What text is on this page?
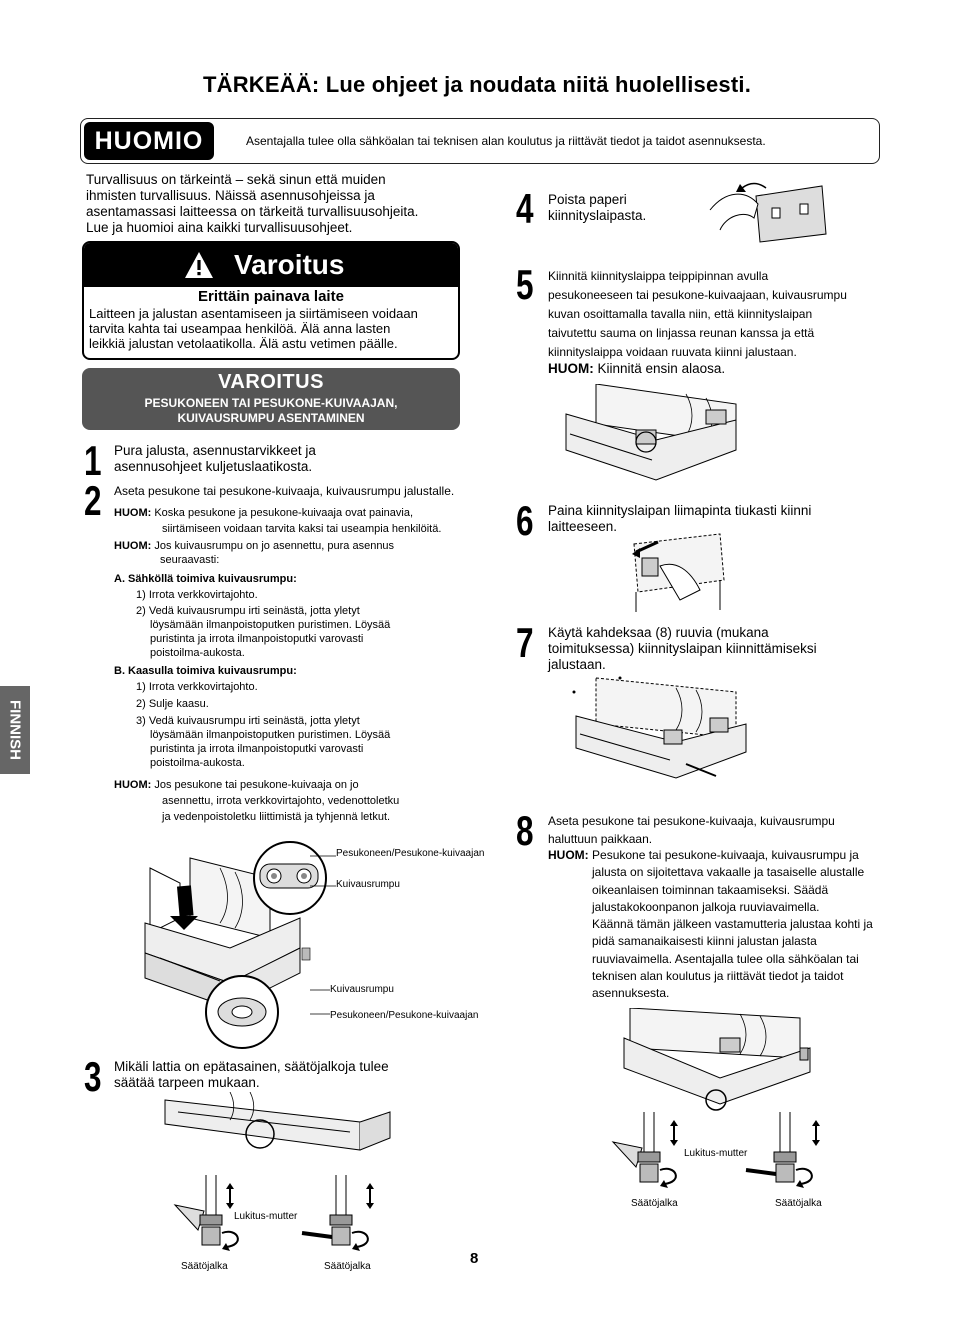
TÄRKEÄÄ: Lue ohjeet ja noudata niitä huolellisesti.
HUOMIO	Asentajalla tulee olla sähköalan tai teknisen alan koulutus ja riittävät tiedot ja taidot asennuksesta.
Turvallisuus on tärkeintä – sekä sinun että muiden
ihmisten turvallisuus. Näissä asennusohjeissa ja
asentamassasi laitteessa on tärkeitä turvallisuusohjeita.
Lue ja huomioi aina kaikki turvallisuusohjeet.
Varoitus
Erittäin painava laite
Laitteen ja jalustan asentamiseen ja siirtämiseen voidaan
tarvita kahta tai useampaa henkilöä. Älä anna lasten
leikkiä jalustan vetolaatikolla. Älä astu vetimen päälle.
VAROITUS
PESUKONEEN TAI PESUKONE-KUIVAAJAN,
KUIVAUSRUMPU ASENTAMINEN
FINNISH
1 Pura jalusta, asennustarvikkeet ja
asennusohjeet kuljetuslaatikosta.
2 Aseta pesukone tai pesukone-kuivaaja, kuivausrumpu jalustalle.
HUOM: Koska pesukone ja pesukone-kuivaaja ovat painavia,
siirtämiseen voidaan tarvita kaksi tai useampia henkilöitä.
HUOM: Jos kuivausrumpu on jo asennettu, pura asennus
seuraavasti:
A. Sähköllä toimiva kuivausrumpu:
1) Irrota verkkovirtajohto.
2) Vedä kuivausrumpu irti seinästä, jotta yletyt
löysämään ilmanpoistoputken puristimen. Löysää
puristinta ja irrota ilmanpoistoputki varovasti
poistoilma-aukosta.
B. Kaasulla toimiva kuivausrumpu:
1) Irrota verkkovirtajohto.
2) Sulje kaasu.
3) Vedä kuivausrumpu irti seinästä, jotta yletyt
löysämään ilmanpoistoputken puristimen. Löysää
puristinta ja irrota ilmanpoistoputki varovasti
poistoilma-aukosta.
HUOM: Jos pesukone tai pesukone-kuivaaja on jo
asennettu, irrota verkkovirtajohto, vedenottoletku
ja vedenpoistoletku liittimistä ja tyhjennä letkut.
Pesukoneen/Pesukone-kuivaajan
Kuivausrumpu
Kuivausrumpu
Pesukoneen/Pesukone-kuivaajan
3 Mikäli lattia on epätasainen, säätöjalkoja tulee
säätää tarpeen mukaan.
Lukitus-mutter
Säätöjalka	Säätöjalka	8
4 Poista paperi
kiinnityslaipasta.
5 Kiinnitä kiinnityslaippa teippipinnan avulla
pesukoneeseen tai pesukone-kuivaajaan, kuivausrumpu
kuvan osoittamalla tavalla niin, että kiinnityslaipan
taivutettu sauma on linjassa reunan kanssa ja että
kiinnityslaippa voidaan ruuvata kiinni jalustaan.
HUOM: Kiinnitä ensin alaosa.
6 Paina kiinnityslaipan liimapinta tiukasti kiinni
laitteeseen.
7 Käytä kahdeksaa (8) ruuvia (mukana
toimituksessa) kiinnityslaipan kiinnittämiseksi
jalustaan.
8 Aseta pesukone tai pesukone-kuivaaja, kuivausrumpu
haluttuun paikkaan.
HUOM: Pesukone tai pesukone-kuivaaja, kuivausrumpu ja
jalusta on sijoitettava vakaalle ja tasaiselle alustalle
oikeanlaisen toiminnan takaamiseksi. Säädä
jalustakokoonpanon jalkoja ruuviavaimella.
Käännä tämän jälkeen vastamutteria jalustaa kohti ja
pidä samanaikaisesti kiinni jalustan jalasta
ruuviavaimella. Asentajalla tulee olla sähköalan tai
teknisen alan koulutus ja riittävät tiedot ja taidot
asennuksesta.
Lukitus-mutter
Säätöjalka	Säätöjalka
